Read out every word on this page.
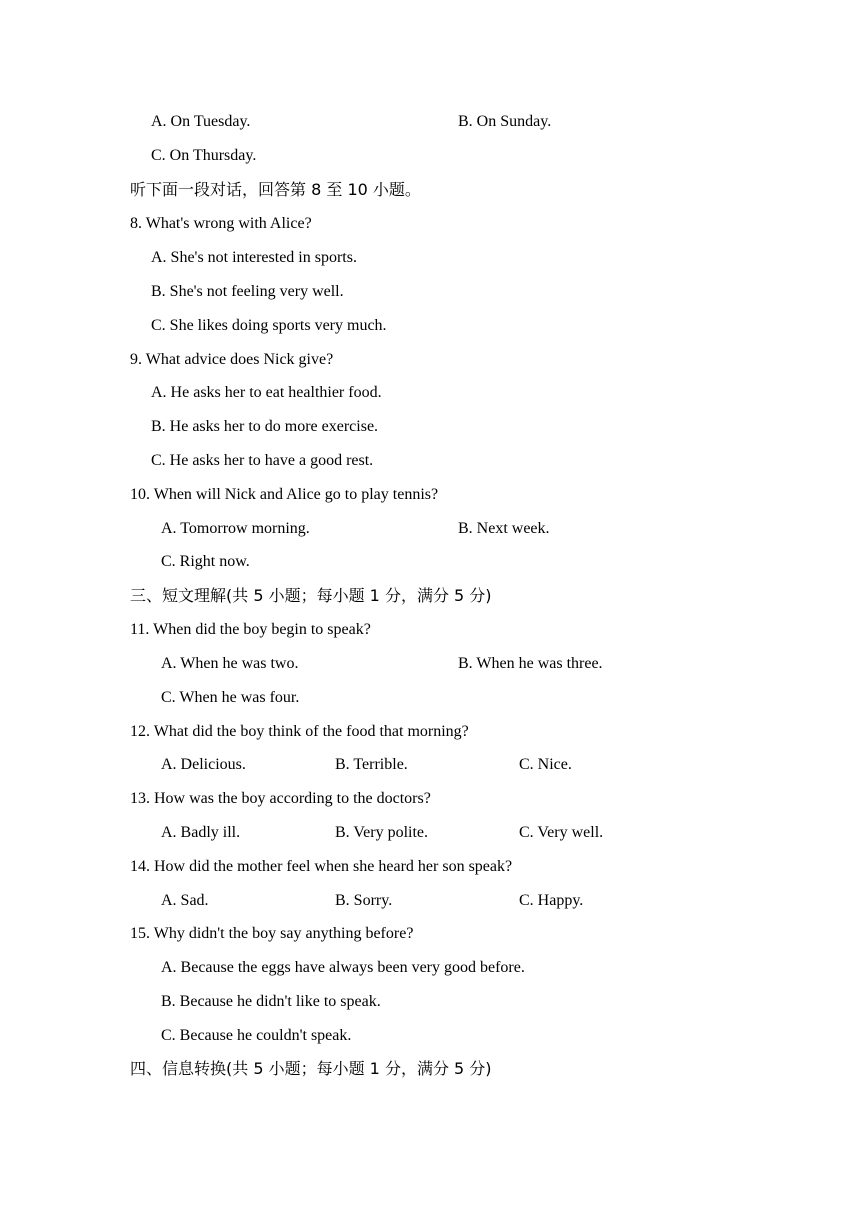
A. On Tuesday.	B. On Sunday.
C. On Thursday.
听下面一段对话，回答第 8 至 10 小题。
8. What's wrong with Alice?
A. She's not interested in sports.
B. She's not feeling very well.
C. She likes doing sports very much.
9. What advice does Nick give?
A. He asks her to eat healthier food.
B. He asks her to do more exercise.
C. He asks her to have a good rest.
10. When will Nick and Alice go to play tennis?
A. Tomorrow morning.	B. Next week.
C. Right now.
三、短文理解(共 5 小题；每小题 1 分，满分 5 分)
11. When did the boy begin to speak?
A. When he was two.	B. When he was three.
C. When he was four.
12. What did the boy think of the food that morning?
A. Delicious.	B. Terrible.	C. Nice.
13. How was the boy according to the doctors?
A. Badly ill.	B. Very polite.	C. Very well.
14. How did the mother feel when she heard her son speak?
A. Sad.	B. Sorry.	C. Happy.
15. Why didn't the boy say anything before?
A. Because the eggs have always been very good before.
B. Because he didn't like to speak.
C. Because he couldn't speak.
四、信息转换(共 5 小题；每小题 1 分，满分 5 分)
